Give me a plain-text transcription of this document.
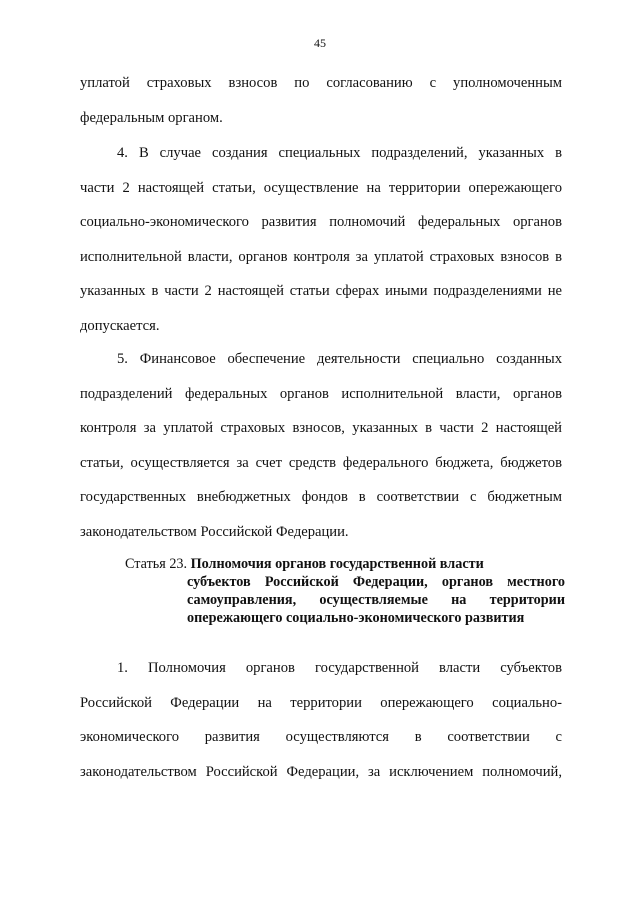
45
уплатой страховых взносов по согласованию с уполномоченным
федеральным органом.
4. В случае создания специальных подразделений, указанных в
части 2 настоящей статьи, осуществление на территории опережающего
социально-экономического развития полномочий федеральных органов
исполнительной власти, органов контроля за уплатой страховых взносов в
указанных в части 2 настоящей статьи сферах иными подразделениями не
допускается.
5. Финансовое обеспечение деятельности специально созданных
подразделений федеральных органов исполнительной власти, органов
контроля за уплатой страховых взносов, указанных в части 2 настоящей
статьи, осуществляется за счет средств федерального бюджета, бюджетов
государственных внебюджетных фондов в соответствии с бюджетным
законодательством Российской Федерации.
Статья 23. Полномочия органов государственной власти
субъектов Российской Федерации, органов местного
самоуправления, осуществляемые на территории
опережающего социально-экономического развития
1. Полномочия органов государственной власти субъектов
Российской Федерации на территории опережающего социально-
экономического развития осуществляются в соответствии с
законодательством Российской Федерации, за исключением полномочий,
